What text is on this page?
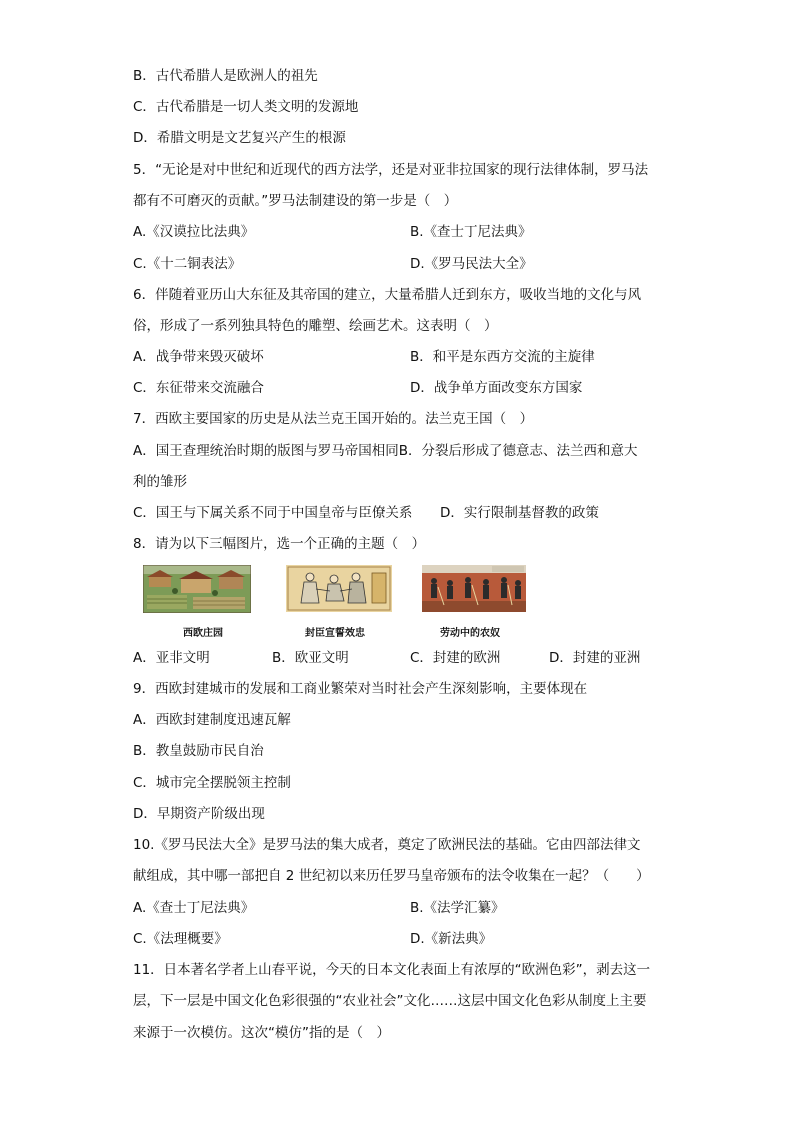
B．古代希腊人是欧洲人的祖先
C．古代希腊是一切人类文明的发源地
D．希腊文明是文艺复兴产生的根源
5．“无论是对中世纪和近现代的西方法学，还是对亚非拉国家的现行法律体制，罗马法
都有不可磨灭的贡献。”罗马法制建设的第一步是（　）
A.《汉谟拉比法典》	B.《查士丁尼法典》
C.《十二铜表法》	D.《罗马民法大全》
6．伴随着亚历山大东征及其帝国的建立，大量希腊人迁到东方，吸收当地的文化与风
俗，形成了一系列独具特色的雕塑、绘画艺术。这表明（　）
A．战争带来毁灭破坏	B．和平是东西方交流的主旋律
C．东征带来交流融合	D．战争单方面改变东方国家
7．西欧主要国家的历史是从法兰克王国开始的。法兰克王国（　）
A．国王查理统治时期的版图与罗马帝国相同B．分裂后形成了德意志、法兰西和意大
利的雏形
C．国王与下属关系不同于中国皇帝与臣僚关系 D．实行限制基督教的政策
8．请为以下三幅图片，选一个正确的主题（　）
西欧庄园	封臣宣誓效忠	劳动中的农奴
A．亚非文明	B．欧亚文明	C．封建的欧洲	D．封建的亚洲
9．西欧封建城市的发展和工商业繁荣对当时社会产生深刻影响，主要体现在
A．西欧封建制度迅速瓦解
B．教皇鼓励市民自治
C．城市完全摆脱领主控制
D．早期资产阶级出现
10.《罗马民法大全》是罗马法的集大成者，奠定了欧洲民法的基础。它由四部法律文
献组成，其中哪一部把自 2 世纪初以来历任罗马皇帝颁布的法令收集在一起？（　　）
A.《查士丁尼法典》	B.《法学汇纂》
C.《法理概要》	D.《新法典》
11．日本著名学者上山春平说，今天的日本文化表面上有浓厚的“欧洲色彩”，剥去这一
层，下一层是中国文化色彩很强的“农业社会”文化……这层中国文化色彩从制度上主要
来源于一次模仿。这次“模仿”指的是（　）
